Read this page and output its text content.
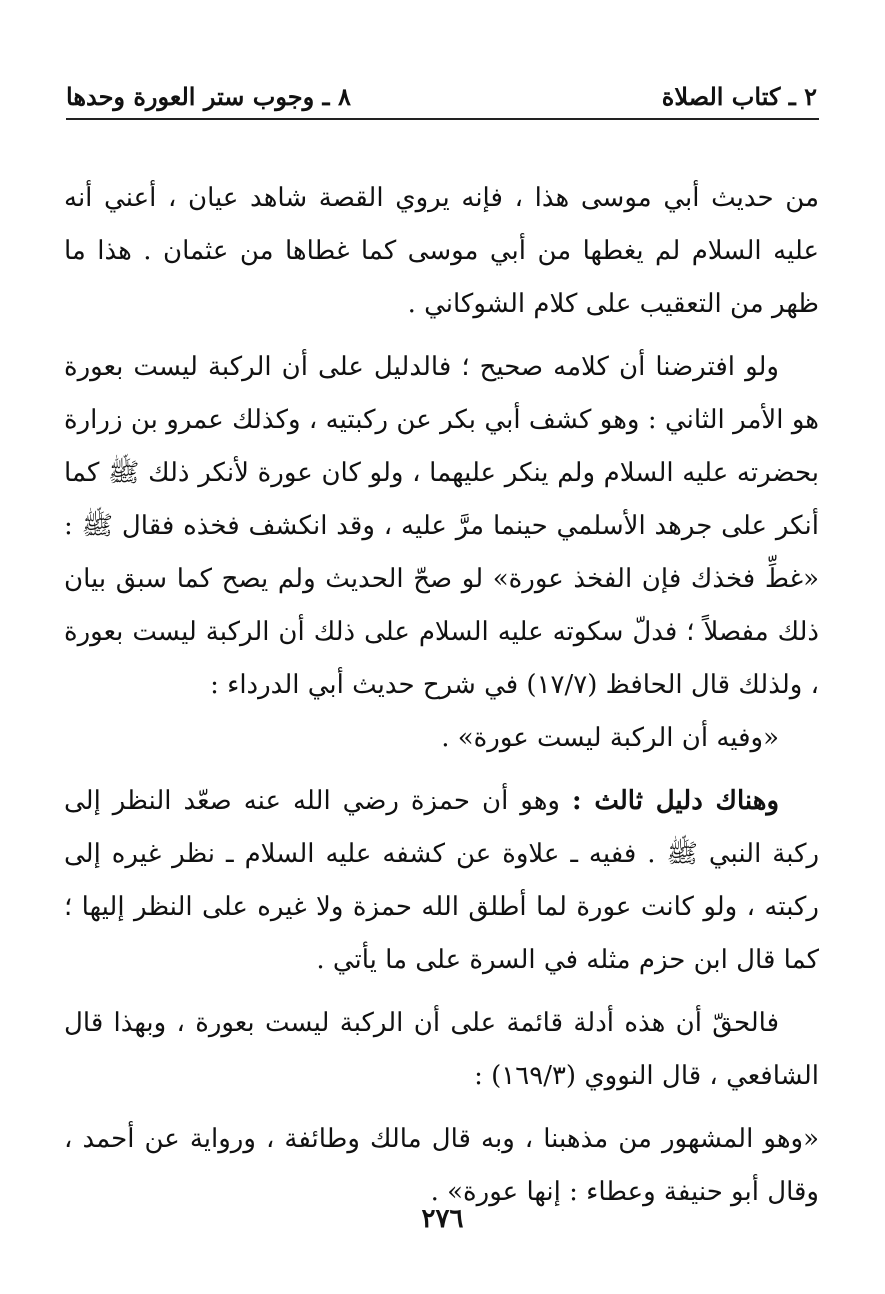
٢ ـ كتاب الصلاة
٨ ـ وجوب ستر العورة وحدها

من حديث أبي موسى هذا ، فإنه يروي القصة شاهد عيان ، أعني أنه عليه السلام لم يغطها من أبي موسى كما غطاها من عثمان . هذا ما ظهر من التعقيب على كلام الشوكاني .

ولو افترضنا أن كلامه صحيح ؛ فالدليل على أن الركبة ليست بعورة هو الأمر الثاني : وهو كشف أبي بكر عن ركبتيه ، وكذلك عمرو بن زرارة بحضرته عليه السلام ولم ينكر عليهما ، ولو كان عورة لأنكر ذلك ﷺ كما أنكر على جرهد الأسلمي حينما مرَّ عليه ، وقد انكشف فخذه فقال ﷺ : «غطِّ فخذك فإن الفخذ عورة» لو صحّ الحديث ولم يصح كما سبق بيان ذلك مفصلاً ؛ فدلّ سكوته عليه السلام على ذلك أن الركبة ليست بعورة ، ولذلك قال الحافظ (١٧/٧) في شرح حديث أبي الدرداء :

«وفيه أن الركبة ليست عورة» .

وهناك دليل ثالث : وهو أن حمزة رضي الله عنه صعّد النظر إلى ركبة النبي ﷺ . ففيه ـ علاوة عن كشفه عليه السلام ـ نظر غيره إلى ركبته ، ولو كانت عورة لما أطلق الله حمزة ولا غيره على النظر إليها ؛ كما قال ابن حزم مثله في السرة على ما يأتي .

فالحقّ أن هذه أدلة قائمة على أن الركبة ليست بعورة ، وبهذا قال الشافعي ، قال النووي (١٦٩/٣) :

«وهو المشهور من مذهبنا ، وبه قال مالك وطائفة ، ورواية عن أحمد ، وقال أبو حنيفة وعطاء : إنها عورة» .

٢٧٦
